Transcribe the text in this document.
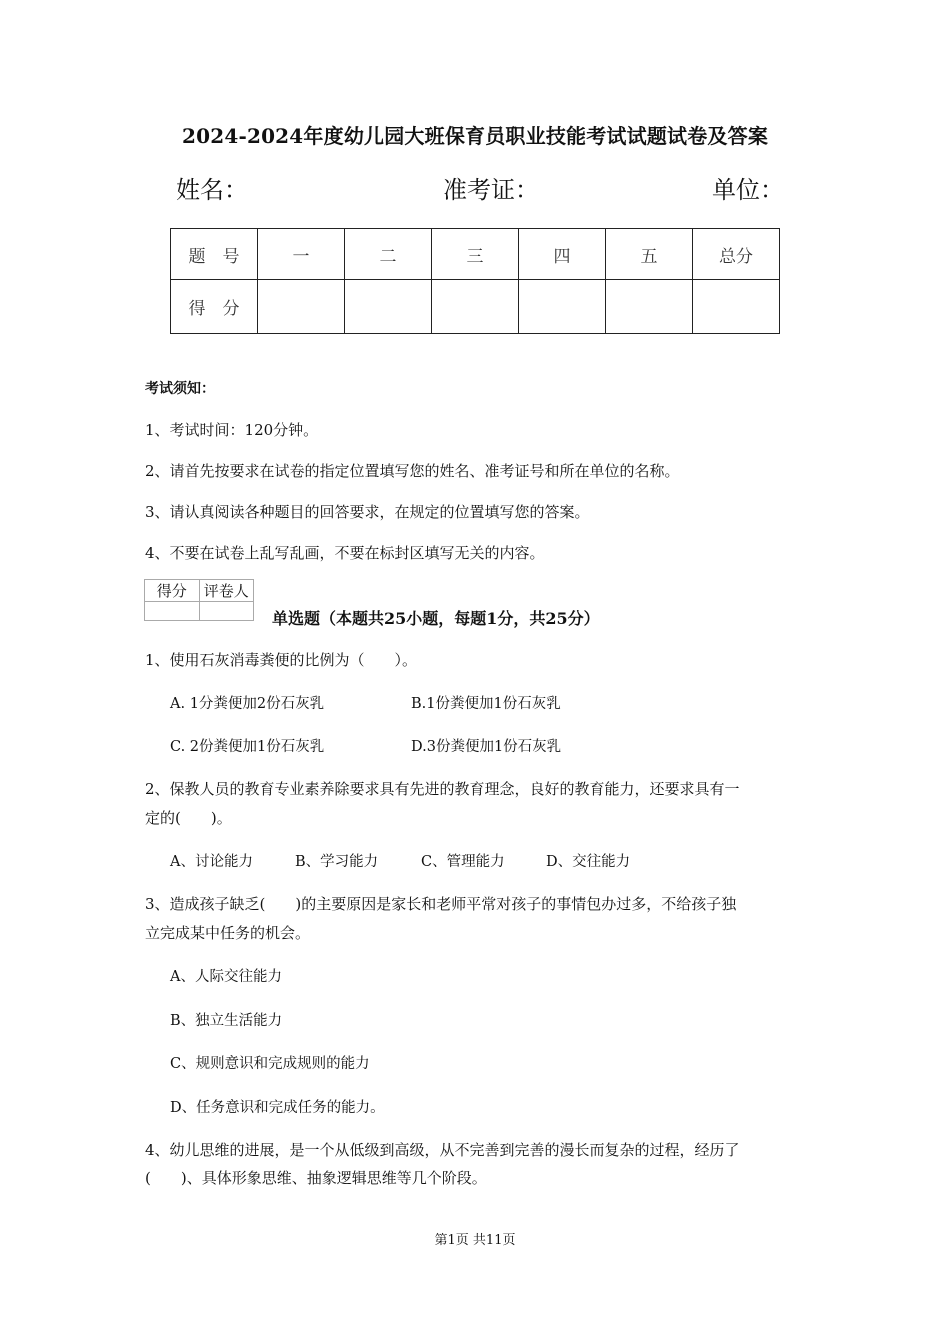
2024-2024年度幼儿园大班保育员职业技能考试试题试卷及答案
姓名：	准考证：	单位：
题　号	一	二	三	四	五	总分
得　分						
考试须知：
1、考试时间：120分钟。
2、请首先按要求在试卷的指定位置填写您的姓名、准考证号和所在单位的名称。
3、请认真阅读各种题目的回答要求，在规定的位置填写您的答案。
4、不要在试卷上乱写乱画，不要在标封区填写无关的内容。
得分	评卷人

单选题（本题共25小题，每题1分，共25分）
1、使用石灰消毒粪便的比例为（　　）。
A. 1分粪便加2份石灰乳	B.1份粪便加1份石灰乳
C. 2份粪便加1份石灰乳	D.3份粪便加1份石灰乳
2、保教人员的教育专业素养除要求具有先进的教育理念，良好的教育能力，还要求具有一
定的(　　)。
A、讨论能力	B、学习能力	C、管理能力	D、交往能力
3、造成孩子缺乏(　　)的主要原因是家长和老师平常对孩子的事情包办过多，不给孩子独
立完成某中任务的机会。
A、人际交往能力
B、独立生活能力
C、规则意识和完成规则的能力
D、任务意识和完成任务的能力。
4、幼儿思维的进展，是一个从低级到高级，从不完善到完善的漫长而复杂的过程，经历了
(　　)、具体形象思维、抽象逻辑思维等几个阶段。
第1页 共11页
